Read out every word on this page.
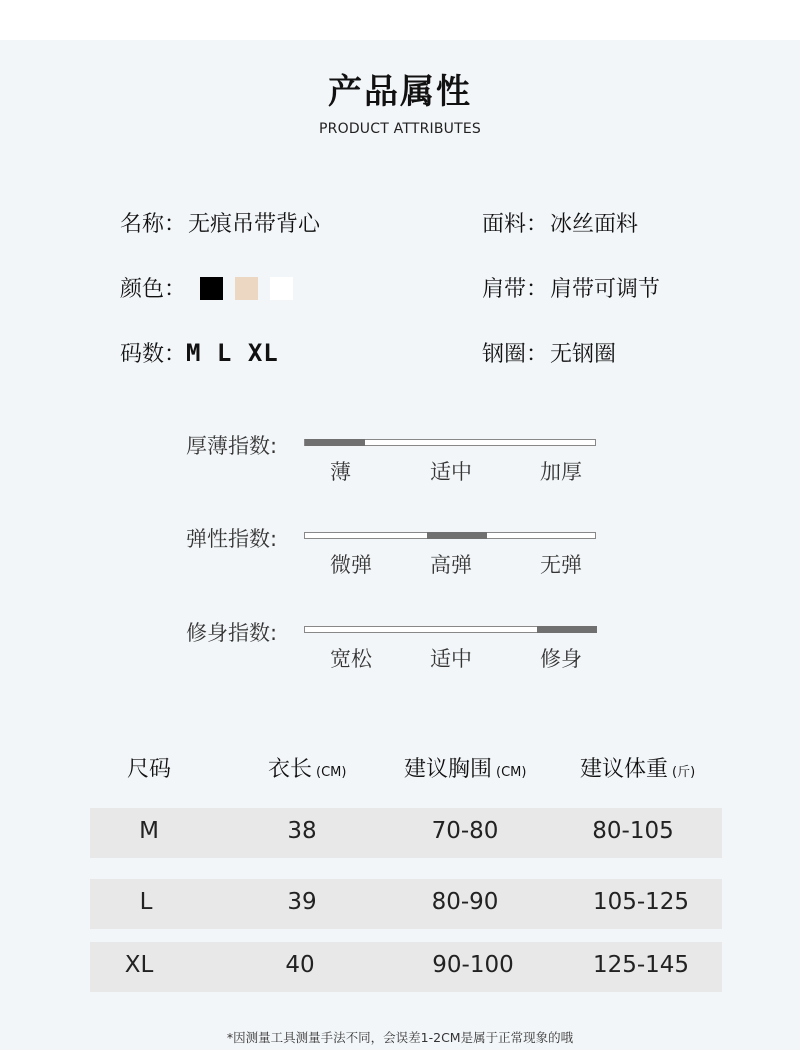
产品属性
PRODUCT ATTRIBUTES
名称：无痕吊带背心	面料：冰丝面料
颜色：	肩带：肩带可调节
码数：M L XL	钢圈：无钢圈
厚薄指数:
薄	适中	加厚
弹性指数:
微弹	高弹	无弹
修身指数:
宽松	适中	修身
尺码	衣长 (CM)	建议胸围 (CM) 建议体重 (斤)
M	38	70-80	80-105
L	39	80-90	105-125
XL	40	90-100	125-145
*因测量工具测量手法不同，会误差1-2CM是属于正常现象的哦
